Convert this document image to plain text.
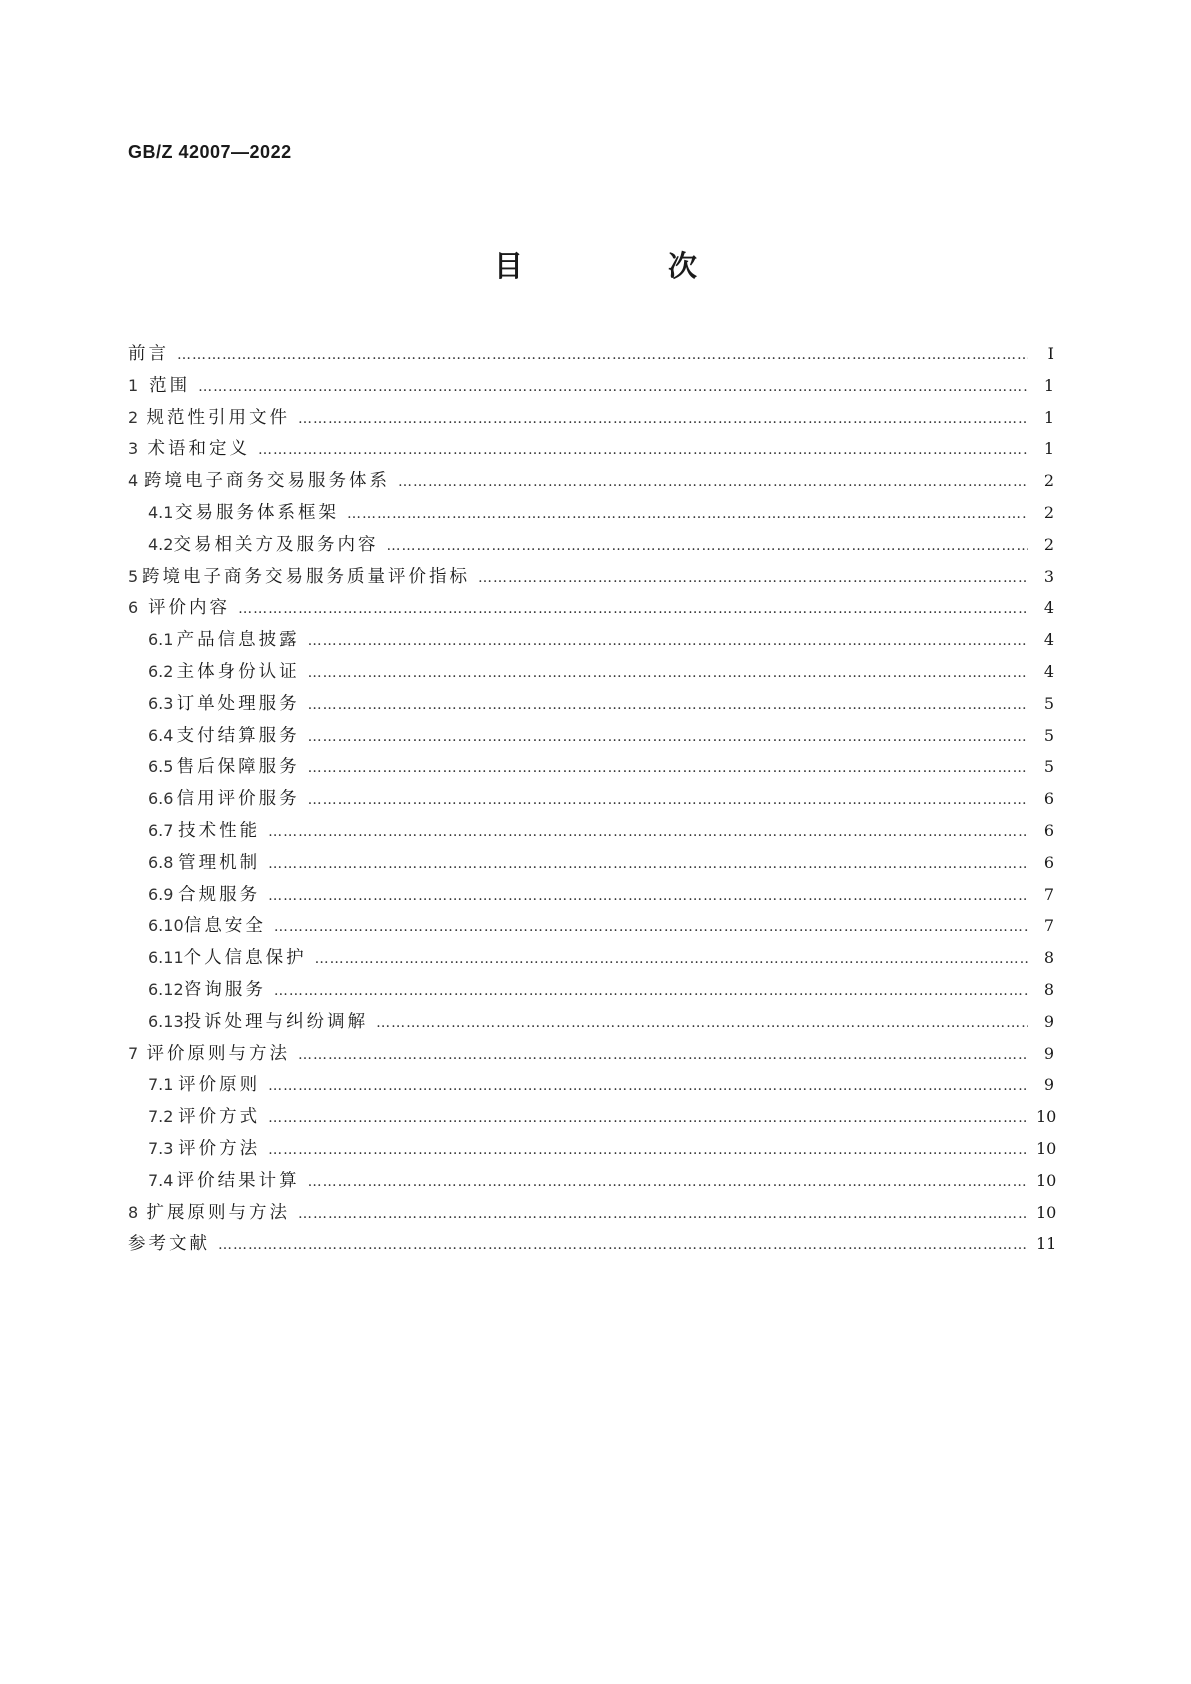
GB/Z 42007—2022
目　次
前言 ………………………………………………………………………………………………………………………………………………………………………………………………………………………………	Ⅰ
1 范围 ………………………………………………………………………………………………………………………………………………………………………………………………………………………………	1
2 规范性引用文件 ………………………………………………………………………………………………………………………………………………………………………………………………………………………………	1
3 术语和定义 ………………………………………………………………………………………………………………………………………………………………………………………………………………………………	1
4 跨境电子商务交易服务体系 ………………………………………………………………………………………………………………………………………………………………………………………………………………………………	2
4.1 交易服务体系框架 ………………………………………………………………………………………………………………………………………………………………………………………………………………………………	2
4.2 交易相关方及服务内容 ………………………………………………………………………………………………………………………………………………………………………………………………………………………………	2
5 跨境电子商务交易服务质量评价指标 ………………………………………………………………………………………………………………………………………………………………………………………………………………………………	3
6 评价内容 ………………………………………………………………………………………………………………………………………………………………………………………………………………………………	4
6.1 产品信息披露 ………………………………………………………………………………………………………………………………………………………………………………………………………………………………	4
6.2 主体身份认证 ………………………………………………………………………………………………………………………………………………………………………………………………………………………………	4
6.3 订单处理服务 ………………………………………………………………………………………………………………………………………………………………………………………………………………………………	5
6.4 支付结算服务 ………………………………………………………………………………………………………………………………………………………………………………………………………………………………	5
6.5 售后保障服务 ………………………………………………………………………………………………………………………………………………………………………………………………………………………………	5
6.6 信用评价服务 ………………………………………………………………………………………………………………………………………………………………………………………………………………………………	6
6.7 技术性能 ………………………………………………………………………………………………………………………………………………………………………………………………………………………………	6
6.8 管理机制 ………………………………………………………………………………………………………………………………………………………………………………………………………………………………	6
6.9 合规服务 ………………………………………………………………………………………………………………………………………………………………………………………………………………………………	7
6.10 信息安全 ………………………………………………………………………………………………………………………………………………………………………………………………………………………………	7
6.11 个人信息保护 ………………………………………………………………………………………………………………………………………………………………………………………………………………………………	8
6.12 咨询服务 ………………………………………………………………………………………………………………………………………………………………………………………………………………………………	8
6.13 投诉处理与纠纷调解 ………………………………………………………………………………………………………………………………………………………………………………………………………………………………	9
7 评价原则与方法 ………………………………………………………………………………………………………………………………………………………………………………………………………………………………	9
7.1 评价原则 ………………………………………………………………………………………………………………………………………………………………………………………………………………………………	9
7.2 评价方式 ………………………………………………………………………………………………………………………………………………………………………………………………………………………………	10
7.3 评价方法 ………………………………………………………………………………………………………………………………………………………………………………………………………………………………	10
7.4 评价结果计算 ………………………………………………………………………………………………………………………………………………………………………………………………………………………………	10
8 扩展原则与方法 ………………………………………………………………………………………………………………………………………………………………………………………………………………………………	10
参考文献 ………………………………………………………………………………………………………………………………………………………………………………………………………………………………	11
